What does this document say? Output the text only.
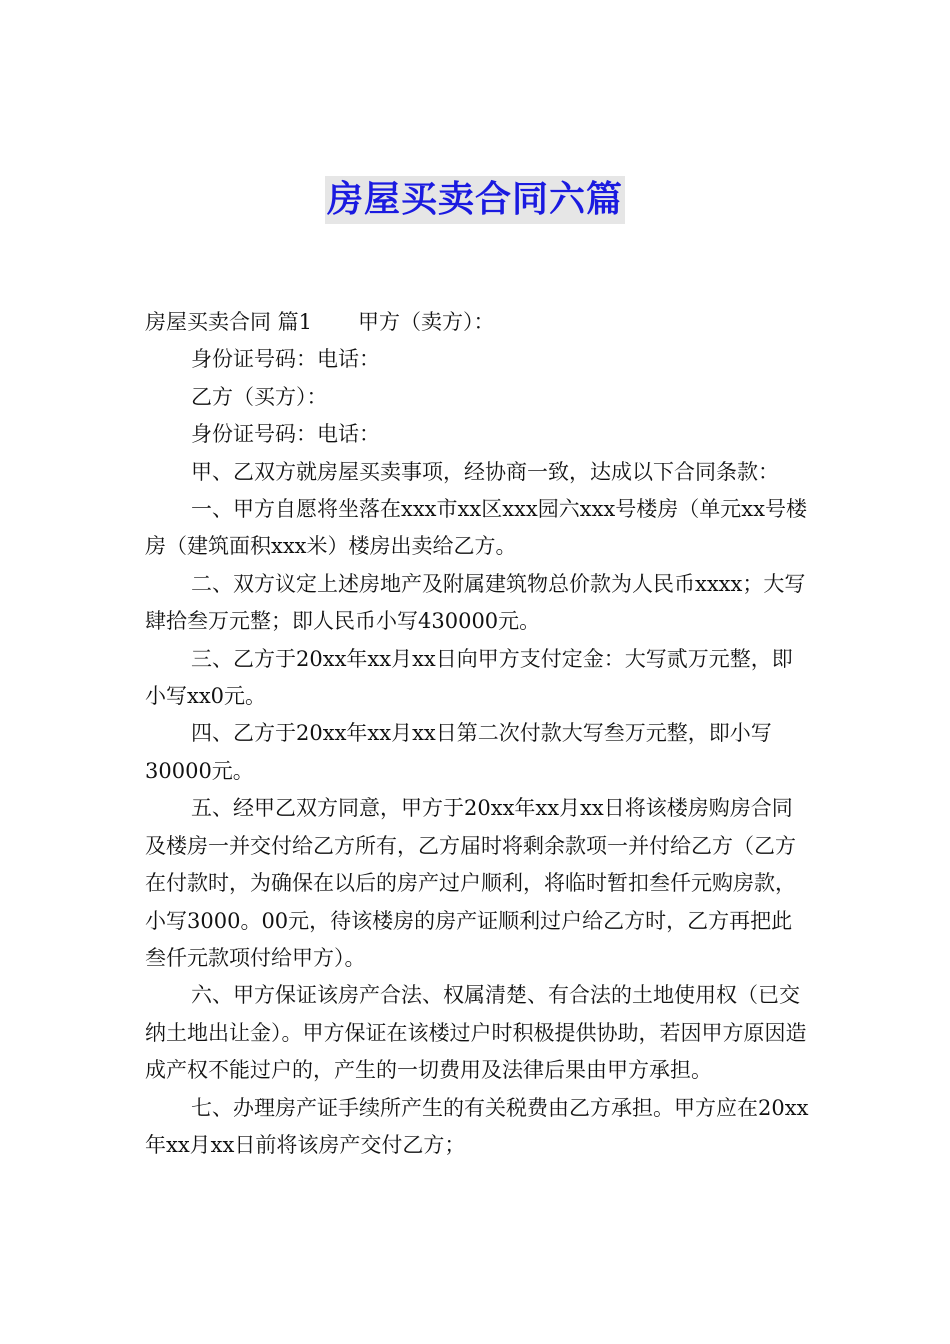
房屋买卖合同六篇

房屋买卖合同 篇1 甲方（卖方）：

身份证号码：电话：

乙方（买方）：

身份证号码：电话：

甲、乙双方就房屋买卖事项，经协商一致，达成以下合同条款：

一、甲方自愿将坐落在xxx市xx区xxx园六xxx号楼房（单元xx号楼房（建筑面积xxx米）楼房出卖给乙方。

二、双方议定上述房地产及附属建筑物总价款为人民币xxxx；大写肆拾叁万元整；即人民币小写430000元。

三、乙方于20xx年xx月xx日向甲方支付定金：大写贰万元整，即小写xx0元。

四、乙方于20xx年xx月xx日第二次付款大写叁万元整，即小写30000元。

五、经甲乙双方同意，甲方于20xx年xx月xx日将该楼房购房合同及楼房一并交付给乙方所有，乙方届时将剩余款项一并付给乙方（乙方在付款时，为确保在以后的房产过户顺利，将临时暂扣叁仟元购房款，小写3000。00元，待该楼房的房产证顺利过户给乙方时，乙方再把此叁仟元款项付给甲方）。

六、甲方保证该房产合法、权属清楚、有合法的土地使用权（已交纳土地出让金）。甲方保证在该楼过户时积极提供协助，若因甲方原因造成产权不能过户的，产生的一切费用及法律后果由甲方承担。

七、办理房产证手续所产生的有关税费由乙方承担。甲方应在20xx年xx月xx日前将该房产交付乙方；
